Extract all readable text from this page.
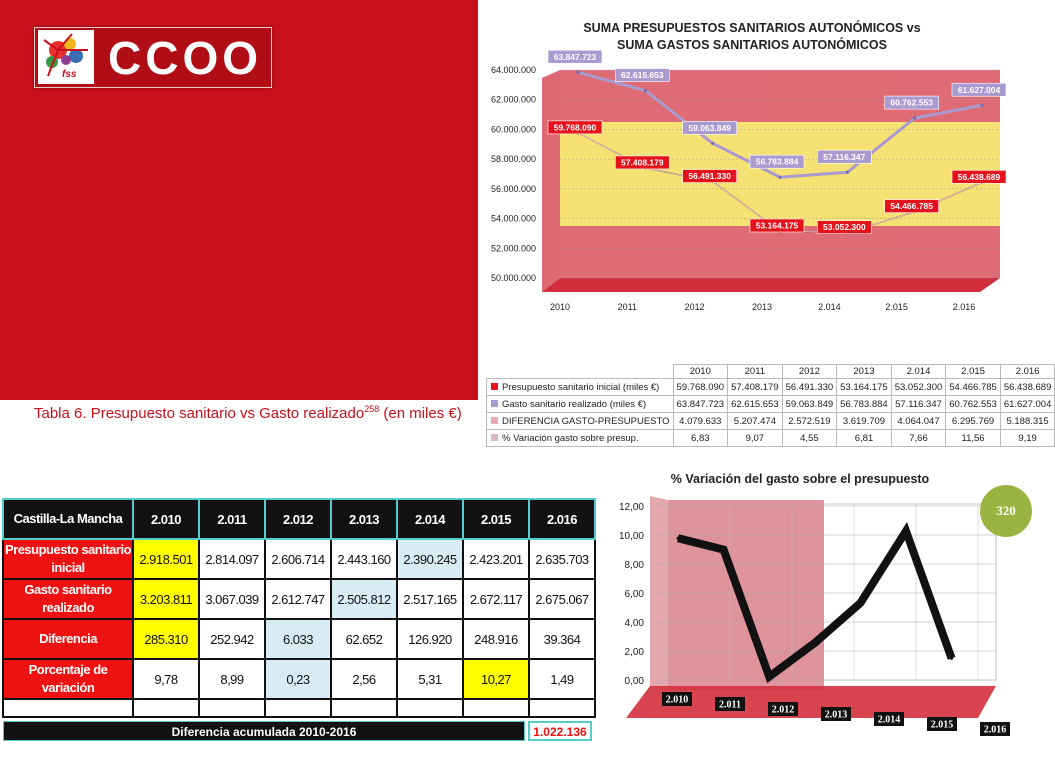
fss CCOO
Tabla 6. Presupuesto sanitario vs Gasto realizado$^{258}$ (en miles €)
SUMA PRESUPUESTOS SANITARIOS AUTONÓMICOS vs
SUMA GASTOS SANITARIOS AUTONÓMICOS
50.000.000
52.000.000
54.000.000
56.000.000
58.000.000
60.000.000
62.000.000
64.000.000
2010	2011	2012	2013	2.014	2.015	2.016
59.768.090
57.408.179
56.491.330
53.164.175	53.052.300
54.466.785
56.438.689
63.847.723
62.615.653
59.063.849
56.783.884	57.116.347
60.762.553
61.627.004
	2010	2011	2012	2013	2.014	2.015	2.016
Presupuesto sanitario inicial (miles €)	59.768.090	57.408.179	56.491.330	53.164.175	53.052.300	54.466.785	56.438.689
Gasto sanitario realizado (miles €)	63.847.723	62.615.653	59.063.849	56.783.884	57.116.347	60.762.553	61.627.004
DIFERENCIA GASTO-PRESUPUESTO	4.079.633	5.207.474	2.572.519	3.619.709	4.064.047	6.295.769	5.188.315
% Variación gasto sobre presup.	6,83	9,07	4,55	6,81	7,66	11,56	9,19
Castilla-La Mancha	2.010	2.011	2.012	2.013	2.014	2.015	2.016
Presupuesto sanitario inicial	2.918.501	2.814.097	2.606.714	2.443.160	2.390.245	2.423.201	2.635.703
Gasto sanitario realizado	3.203.811	3.067.039	2.612.747	2.505.812	2.517.165	2.672.117	2.675.067
Diferencia	285.310	252.942	6.033	62.652	126.920	248.916	39.364
Porcentaje de variación	9,78	8,99	0,23	2,56	5,31	10,27	1,49

Diferencia acumulada 2010-2016	1.022.136
% Variación del gasto sobre el presupuesto
0,00
2,00
4,00
6,00
8,00
10,00
12,00
2.010	2.011	2.012	2.013	2.014	2.015	2.016
320
